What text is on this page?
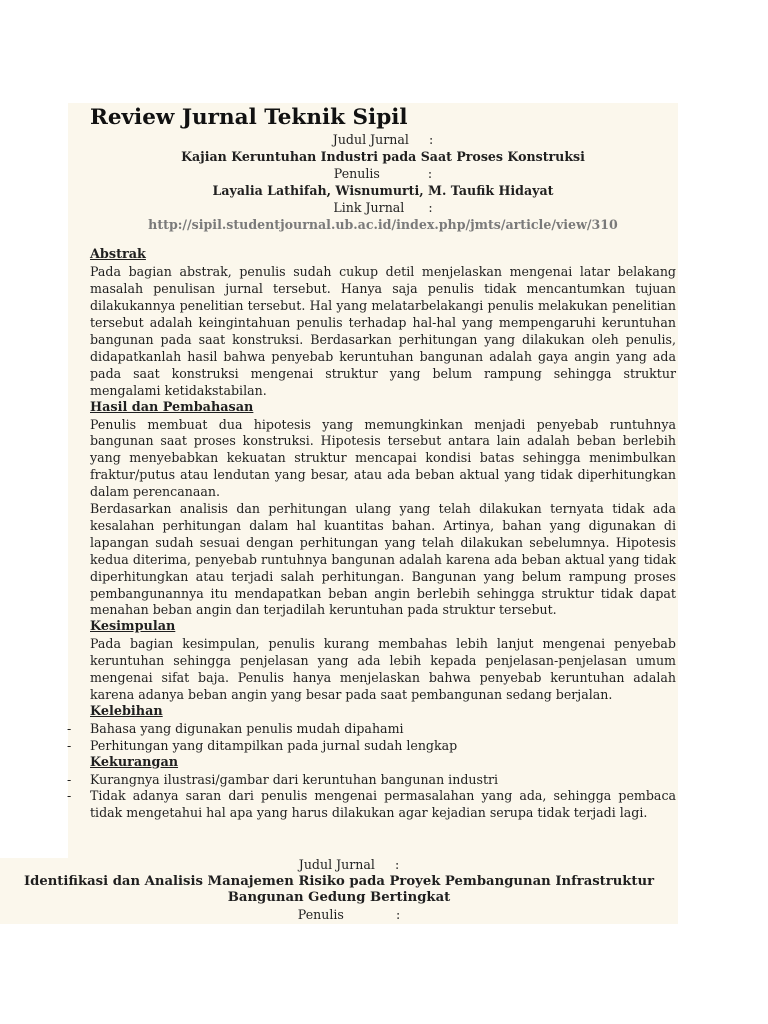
Review Jurnal Teknik Sipil
Judul Jurnal     :
Kajian Keruntuhan Industri pada Saat Proses Konstruksi
Penulis            :
Layalia Lathifah, Wisnumurti, M. Taufik Hidayat
Link Jurnal      :
http://sipil.studentjournal.ub.ac.id/index.php/jmts/article/view/310
Abstrak

Pada bagian abstrak, penulis sudah cukup detil menjelaskan mengenai latar belakang masalah penulisan jurnal tersebut. Hanya saja penulis tidak mencantumkan tujuan dilakukannya penelitian tersebut. Hal yang melatarbelakangi penulis melakukan penelitian tersebut adalah keingintahuan penulis terhadap hal-hal yang mempengaruhi keruntuhan bangunan pada saat konstruksi. Berdasarkan perhitungan yang dilakukan oleh penulis, didapatkanlah hasil bahwa penyebab keruntuhan bangunan adalah gaya angin yang ada pada saat konstruksi mengenai struktur yang belum rampung sehingga struktur mengalami ketidakstabilan.

Hasil dan Pembahasan

Penulis membuat dua hipotesis yang memungkinkan menjadi penyebab runtuhnya bangunan saat proses konstruksi. Hipotesis tersebut antara lain adalah beban berlebih yang menyebabkan kekuatan struktur mencapai kondisi batas sehingga menimbulkan fraktur/putus atau lendutan yang besar, atau ada beban aktual yang tidak diperhitungkan dalam perencanaan.

Berdasarkan analisis dan perhitungan ulang yang telah dilakukan ternyata tidak ada kesalahan perhitungan dalam hal kuantitas bahan. Artinya, bahan yang digunakan di lapangan sudah sesuai dengan perhitungan yang telah dilakukan sebelumnya. Hipotesis kedua diterima, penyebab runtuhnya bangunan adalah karena ada beban aktual yang tidak diperhitungkan atau terjadi salah perhitungan. Bangunan yang belum rampung proses pembangunannya itu mendapatkan beban angin berlebih sehingga struktur tidak dapat menahan beban angin dan terjadilah keruntuhan pada struktur tersebut.

Kesimpulan

Pada bagian kesimpulan, penulis kurang membahas lebih lanjut mengenai penyebab keruntuhan sehingga penjelasan yang ada lebih kepada penjelasan-penjelasan umum mengenai sifat baja. Penulis hanya menjelaskan bahwa penyebab keruntuhan adalah karena adanya beban angin yang besar pada saat pembangunan sedang berjalan.

Kelebihan
- Bahasa yang digunakan penulis mudah dipahami
- Perhitungan yang ditampilkan pada jurnal sudah lengkap
Kekurangan
- Kurangnya ilustrasi/gambar dari keruntuhan bangunan industri
- Tidak adanya saran dari penulis mengenai permasalahan yang ada, sehingga pembaca tidak mengetahui hal apa yang harus dilakukan agar kejadian serupa tidak terjadi lagi.
Judul Jurnal     :
Identifikasi dan Analisis Manajemen Risiko pada Proyek Pembangunan Infrastruktur
Bangunan Gedung Bertingkat
Penulis             :
